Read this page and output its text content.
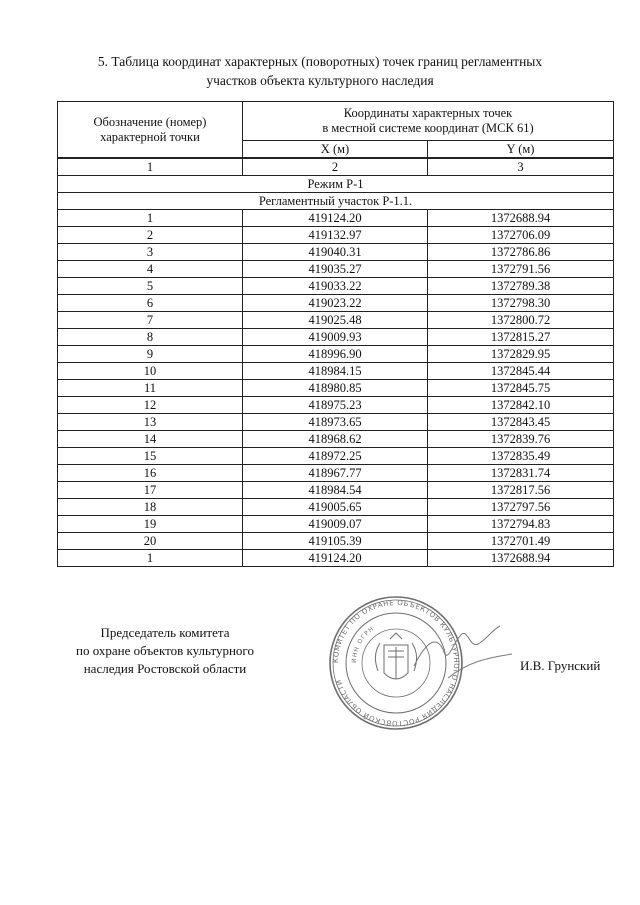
5. Таблица координат характерных (поворотных) точек границ регламентных
участков объекта культурного наследия
Обозначение (номер)
характерной точки	Координаты характерных точек
в местной системе координат (МСК 61)	

	X (м)	Y (м)
1	2	3
Режим Р-1		
Регламентный участок Р-1.1.		
1	419124.20	1372688.94
2	419132.97	1372706.09
3	419040.31	1372786.86
4	419035.27	1372791.56
5	419033.22	1372789.38
6	419023.22	1372798.30
7	419025.48	1372800.72
8	419009.93	1372815.27
9	418996.90	1372829.95
10	418984.15	1372845.44
11	418980.85	1372845.75
12	418975.23	1372842.10
13	418973.65	1372843.45
14	418968.62	1372839.76
15	418972.25	1372835.49
16	418967.77	1372831.74
17	418984.54	1372817.56
18	419005.65	1372797.56
19	419009.07	1372794.83
20	419105.39	1372701.49
1	419124.20	1372688.94
Председатель комитета
по охране объектов культурного
наследия Ростовской области
КОМИТЕТ ПО ОХРАНЕ ОБЪЕКТОВ КУЛЬТУРНОГО НАСЛЕДИЯ РОСТОВСКОЙ ОБЛАСТИ
ИНН ОГРН
И.В. Грунский
